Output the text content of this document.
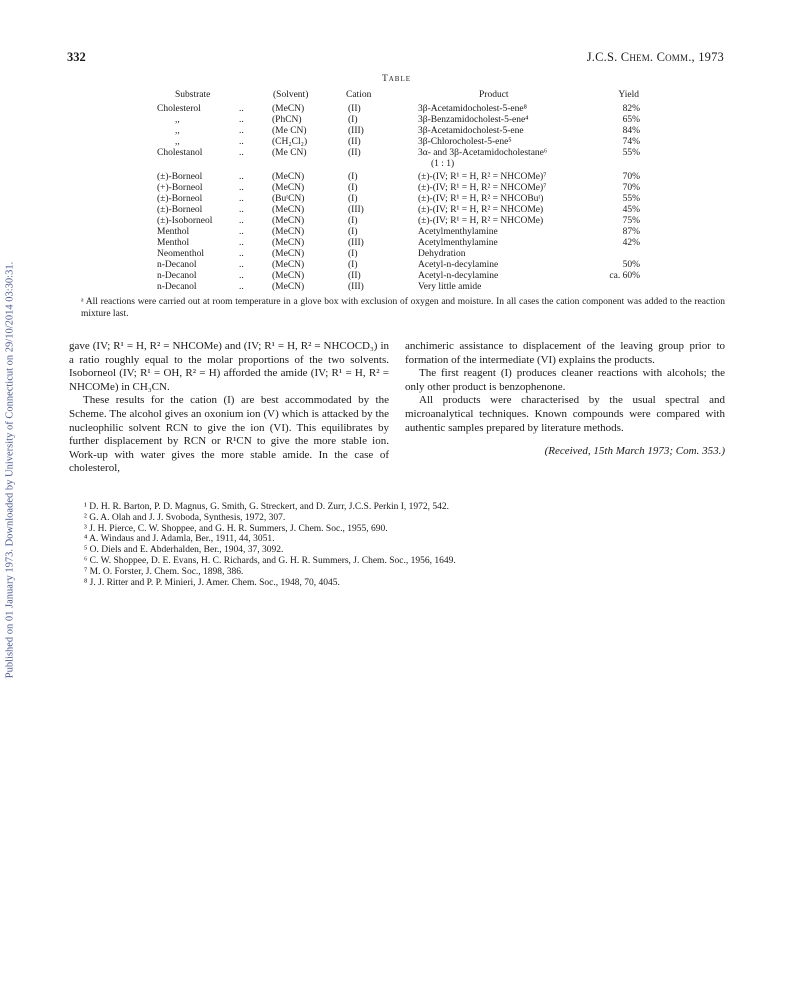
Published on 01 January 1973. Downloaded by University of Connecticut on 29/10/2014 03:30:31.
332	J.C.S. Chem. Comm., 1973
Table
Substrate	(Solvent)	Cation	Product	Yield
Cholesterol	..	(MeCN)	(II)	3β-Acetamidocholest-5-ene⁸	82%
,,	..	(PhCN)	(I)	3β-Benzamidocholest-5-ene⁴	65%
,,	..	(Me CN)	(III)	3β-Acetamidocholest-5-ene	84%
,,	..	(CH₂Cl₂)	(II)	3β-Chlorocholest-5-ene⁵	74%
Cholestanol	..	(Me CN)	(II)	3α- and 3β-Acetamidocholestane⁶	55%
(1 : 1)
(±)-Borneol	..	(MeCN)	(I)	(±)-(IV; R¹ = H, R² = NHCOMe)⁷	70%
(+)-Borneol	..	(MeCN)	(I)	(±)-(IV; R¹ = H, R² = NHCOMe)⁷	70%
(±)-Borneol	..	(BuᵗCN)	(I)	(±)-(IV; R¹ = H, R² = NHCOBuᵗ)	55%
(±)-Borneol	..	(MeCN)	(III)	(±)-(IV; R¹ = H, R² = NHCOMe)	45%
(±)-Isoborneol	..	(MeCN)	(I)	(±)-(IV; R¹ = H, R² = NHCOMe)	75%
Menthol	..	(MeCN)	(I)	Acetylmenthylamine	87%
Menthol	..	(MeCN)	(III)	Acetylmenthylamine	42%
Neomenthol	..	(MeCN)	(I)	Dehydration
n-Decanol	..	(MeCN)	(I)	Acetyl-n-decylamine	50%
n-Decanol	..	(MeCN)	(II)	Acetyl-n-decylamine	ca. 60%
n-Decanol	..	(MeCN)	(III)	Very little amide
ᵃ All reactions were carried out at room temperature in a glove box with exclusion of oxygen and moisture. In all cases the cation component was added to the reaction mixture last.

gave (IV; R¹ = H, R² = NHCOMe) and (IV; R¹ = H, R² = NHCOCD₃) in a ratio roughly equal to the molar proportions of the two solvents. Isoborneol (IV; R¹ = OH, R² = H) afforded the amide (IV; R¹ = H, R² = NHCOMe) in CH₃CN.

These results for the cation (I) are best accommodated by the Scheme. The alcohol gives an oxonium ion (V) which is attacked by the nucleophilic solvent RCN to give the ion (VI). This equilibrates by further displacement by RCN or R¹CN to give the more stable ion. Work-up with water gives the more stable amide. In the case of cholesterol,

anchimeric assistance to displacement of the leaving group prior to formation of the intermediate (VI) explains the products.

The first reagent (I) produces cleaner reactions with alcohols; the only other product is benzophenone.

All products were characterised by the usual spectral and microanalytical techniques. Known compounds were compared with authentic samples prepared by literature methods.

(Received, 15th March 1973; Com. 353.)

¹ D. H. R. Barton, P. D. Magnus, G. Smith, G. Streckert, and D. Zurr, J.C.S. Perkin I, 1972, 542.
² G. A. Olah and J. J. Svoboda, Synthesis, 1972, 307.
³ J. H. Pierce, C. W. Shoppee, and G. H. R. Summers, J. Chem. Soc., 1955, 690.
⁴ A. Windaus and J. Adamla, Ber., 1911, 44, 3051.
⁵ O. Diels and E. Abderhalden, Ber., 1904, 37, 3092.
⁶ C. W. Shoppee, D. E. Evans, H. C. Richards, and G. H. R. Summers, J. Chem. Soc., 1956, 1649.
⁷ M. O. Forster, J. Chem. Soc., 1898, 386.
⁸ J. J. Ritter and P. P. Minieri, J. Amer. Chem. Soc., 1948, 70, 4045.
